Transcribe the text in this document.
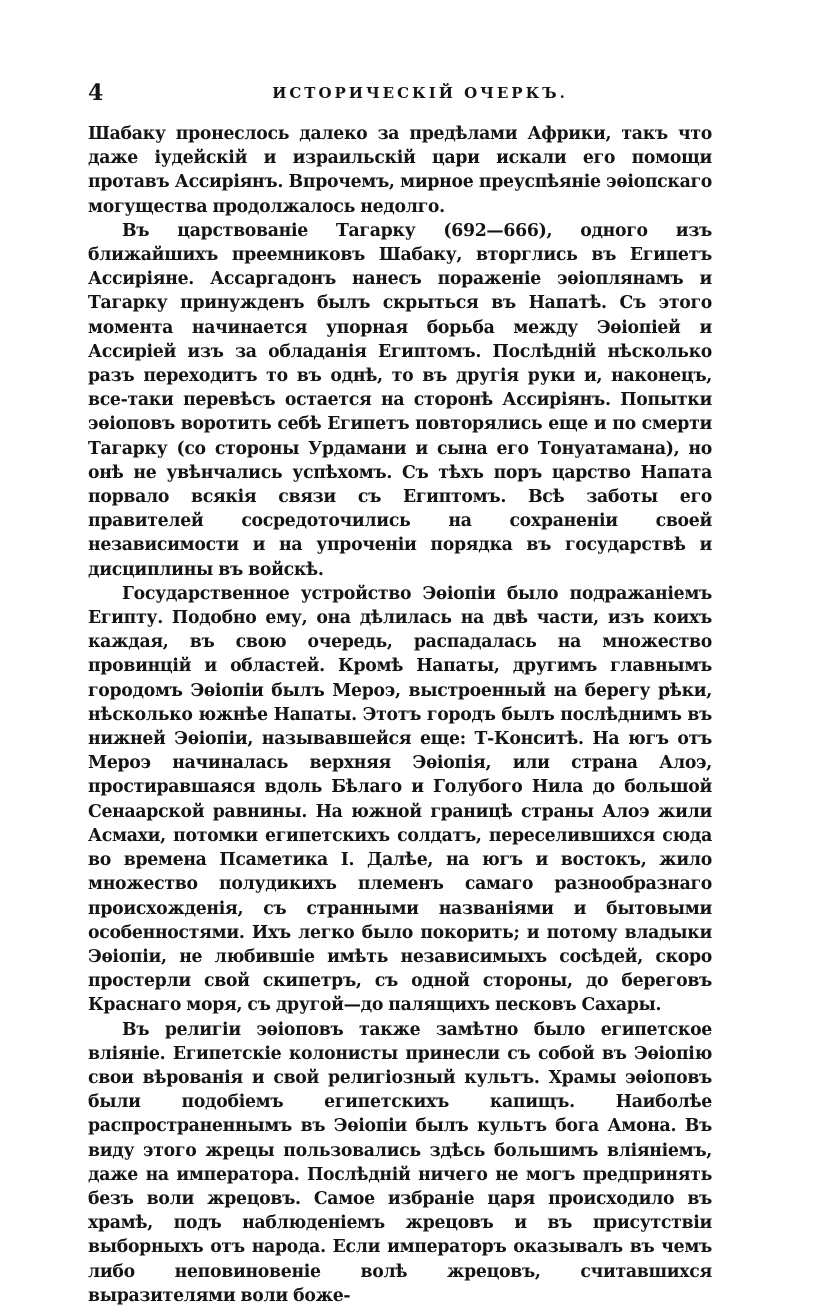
4	ИСТОРИЧЕСКІЙ ОЧЕРКЪ.

Шабаку пронеслось далеко за предѣлами Африки, такъ что даже іудейскій и израильскій цари искали его помощи протавъ Ассиріянъ. Впрочемъ, мирное преуспѣяніе эѳіопскаго могущества продолжалось недолго.

Въ царствованіе Тагарку (692—666), одного изъ ближайшихъ преемниковъ Шабаку, вторглись въ Египетъ Ассиріяне. Ассаргадонъ нанесъ пораженіе эѳіоплянамъ и Тагарку принужденъ былъ скрыться въ Напатѣ. Съ этого момента начинается упорная борьба между Эѳіопіей и Ассиріей изъ за обладанія Египтомъ. Послѣдній нѣсколько разъ переходитъ то въ однѣ, то въ другія руки и, наконецъ, все-таки перевѣсъ остается на сторонѣ Ассиріянъ. Попытки эѳіоповъ воротить себѣ Египетъ повторялись еще и по смерти Тагарку (со стороны Урдамани и сына его Тонуатамана), но онѣ не увѣнчались успѣхомъ. Съ тѣхъ поръ царство Напата порвало всякія связи съ Египтомъ. Всѣ заботы его правителей сосредоточились на сохраненіи своей независимости и на упроченіи порядка въ государствѣ и дисциплины въ войскѣ.

Государственное устройство Эѳіопіи было подражаніемъ Египту. Подобно ему, она дѣлилась на двѣ части, изъ коихъ каждая, въ свою очередь, распадалась на множество провинцій и областей. Кромѣ Напаты, другимъ главнымъ городомъ Эѳіопіи былъ Мероэ, выстроенный на берегу рѣки, нѣсколько южнѣе Напаты. Этотъ городъ былъ послѣднимъ въ нижней Эѳіопіи, называвшейся еще: Т-Конситѣ. На югъ отъ Мероэ начиналась верхняя Эѳіопія, или страна Алоэ, простиравшаяся вдоль Бѣлаго и Голубого Нила до большой Сенаарской равнины. На южной границѣ страны Алоэ жили Асмахи, потомки египетскихъ солдатъ, переселившихся сюда во времена Псаметика I. Далѣе, на югъ и востокъ, жило множество полудикихъ племенъ самаго разнообразнаго происхожденія, съ странными названіями и бытовыми особенностями. Ихъ легко было покорить; и потому владыки Эѳіопіи, не любившіе имѣть независимыхъ сосѣдей, скоро простерли свой скипетръ, съ одной стороны, до береговъ Краснаго моря, съ другой—до палящихъ песковъ Сахары.

Въ религіи эѳіоповъ также замѣтно было египетское вліяніе. Египетскіе колонисты принесли съ собой въ Эѳіопію свои вѣрованія и свой религіозный культъ. Храмы эѳіоповъ были подобіемъ египетскихъ капищъ. Наиболѣе распространеннымъ въ Эѳіопіи былъ культъ бога Амона. Въ виду этого жрецы пользовались здѣсь большимъ вліяніемъ, даже на императора. Послѣдній ничего не могъ предпринять безъ воли жрецовъ. Самое избраніе царя происходило въ храмѣ, подъ наблюденіемъ жрецовъ и въ присутствіи выборныхъ отъ народа. Если императоръ оказывалъ въ чемъ либо неповиновеніе волѣ жрецовъ, считавшихся выразителями воли боже-
